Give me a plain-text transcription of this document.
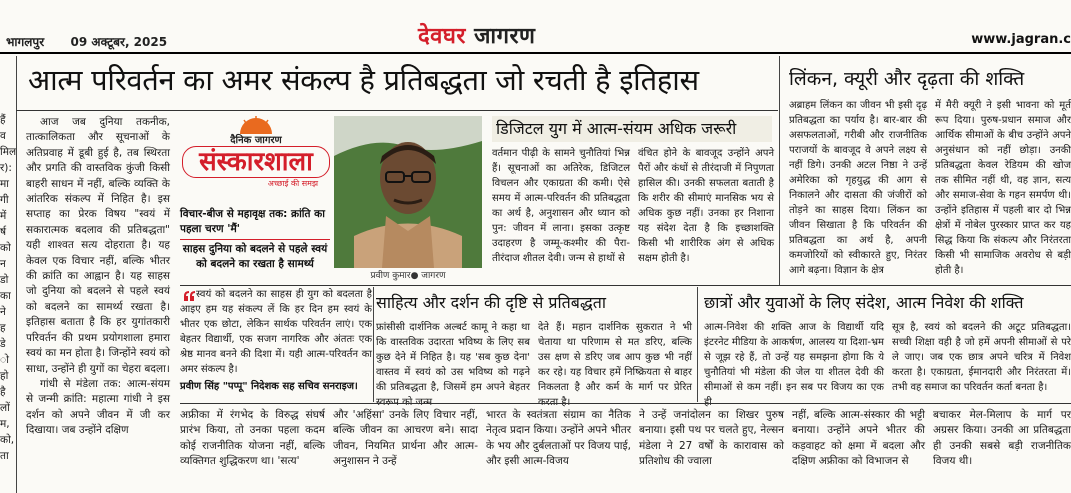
भागलपुर 09 अक्टूबर, 2025	देवघर जागरण	www.jagran.c
हैं
व
मिल
र):
मा
गी
में
र्ष
को
न
डो
का
ने
ह
डे
ो
हो
है
लों
म,
को,
ता
आत्म परिवर्तन का अमर संकल्प है प्रतिबद्धता जो रचती है इतिहास
आज जब दुनिया तकनीक, तात्कालिकता और सूचनाओं के अतिप्रवाह में डूबी हुई है, तब स्थिरता और प्रगति की वास्तविक कुंजी किसी बाहरी साधन में नहीं, बल्कि व्यक्ति के आंतरिक संकल्प में निहित है। इस सप्ताह का प्रेरक विषय "स्वयं में सकारात्मक बदलाव की प्रतिबद्धता" यही शाश्वत सत्य दोहराता है। यह केवल एक विचार नहीं, बल्कि भीतर की क्रांति का आह्वान है। यह साहस जो दुनिया को बदलने से पहले स्वयं को बदलने का सामर्थ्य रखता है। इतिहास बताता है कि हर युगांतकारी परिवर्तन की प्रथम प्रयोगशाला हमारा स्वयं का मन होता है। जिन्होंने स्वयं को साधा, उन्होंने ही युगों का चेहरा बदला।
गांधी से मंडेला तक: आत्म-संयम से जन्मी क्रांति: महात्मा गांधी ने इस दर्शन को अपने जीवन में जी कर दिखाया। जब उन्होंने दक्षिण
दैनिक जागरण
संस्कारशाला
अच्छाई की समझ
विचार-बीज से महावृक्ष तक: क्रांति का पहला चरण 'मैं'
साहस दुनिया को बदलने से पहले स्वयं को बदलने का रखता है सामर्थ्य
प्रवीण कुमार● जागरण
स्वयं को बदलने का साहस ही युग को बदलता है आइए हम यह संकल्प लें कि हर दिन हम स्वयं के भीतर एक छोटा, लेकिन सार्थक परिवर्तन लाएं। एक बेहतर विद्यार्थी, एक सजग नागरिक और अंततः एक श्रेष्ठ मानव बनने की दिशा में। यही आत्म-परिवर्तन का अमर संकल्प है।
प्रवीण सिंह "पप्पू" निदेशक सह सचिव सनराइज।
डिजिटल युग में आत्म-संयम अधिक जरूरी
वर्तमान पीढ़ी के सामने चुनौतियां भिन्न हैं। सूचनाओं का अतिरेक, डिजिटल विचलन और एकाग्रता की कमी। ऐसे समय में आत्म-परिवर्तन की प्रतिबद्धता का अर्थ है, अनुशासन और ध्यान को पुन: जीवन में लाना। इसका उत्कृष्ट उदाहरण है जम्मू-कश्मीर की पैरा-तीरंदाज शीतल देवी। जन्म से हाथों से
वंचित होने के बावजूद उन्होंने अपने पैरों और कंधों से तीरंदाजी में निपुणता हासिल की। उनकी सफलता बताती है कि शरीर की सीमाएं मानसिक भय से अधिक कुछ नहीं। उनका हर निशाना यह संदेश देता है कि इच्छाशक्ति किसी भी शारीरिक अंग से अधिक सक्षम होती है।
लिंकन, क्यूरी और दृढ़ता की शक्ति
अब्राहम लिंकन का जीवन भी इसी दृढ़ प्रतिबद्धता का पर्याय है। बार-बार की असफलताओं, गरीबी और राजनीतिक पराजयों के बावजूद वे अपने लक्ष्य से नहीं डिगे। उनकी अटल निष्ठा ने उन्हें अमेरिका को गृहयुद्ध की आग से निकालने और दासता की जंजीरों को तोड़ने का साहस दिया। लिंकन का जीवन सिखाता है कि परिवर्तन की प्रतिबद्धता का अर्थ है, अपनी कमजोरियों को स्वीकारते हुए, निरंतर आगे बढ़ना। विज्ञान के क्षेत्र
में मैरी क्यूरी ने इसी भावना को मूर्त रूप दिया। पुरुष-प्रधान समाज और आर्थिक सीमाओं के बीच उन्होंने अपने अनुसंधान को नहीं छोड़ा। उनकी प्रतिबद्धता केवल रेडियम की खोज तक सीमित नहीं थी, वह ज्ञान, सत्य और समाज-सेवा के गहन समर्पण थी। उन्होंने इतिहास में पहली बार दो भिन्न क्षेत्रों में नोबेल पुरस्कार प्राप्त कर यह सिद्ध किया कि संकल्प और निरंतरता किसी भी सामाजिक अवरोध से बड़ी होती है।
साहित्य और दर्शन की दृष्टि से प्रतिबद्धता
फ्रांसीसी दार्शनिक अल्बर्ट कामू ने कहा था कि वास्तविक उदारता भविष्य के लिए सब कुछ देने में निहित है। यह 'सब कुछ देना' वास्तव में स्वयं को उस भविष्य को गढ़ने की प्रतिबद्धता है, जिसमें हम अपने बेहतर
देते हैं। महान दार्शनिक सुकरात ने भी चेताया था परिणाम से मत डरिए, बल्कि उस क्षण से डरिए जब आप कुछ भी नहीं कर रहे। यह विचार हमें निष्क्रियता से बाहर निकलता है और कर्म के मार्ग पर प्रेरित
छात्रों और युवाओं के लिए संदेश, आत्म निवेश की शक्ति
आत्म-निवेश की शक्ति आज के विद्यार्थी यदि इंटरनेट मीडिया के आकर्षण, आलस्य या दिशा-भ्रम से जूझ रहे हैं, तो उन्हें यह समझना होगा कि ये चुनौतियां भी मंडेला की जेल या शीतल देवी की सीमाओं से कम नहीं। इन सब पर विजय का एक
सूत्र है, स्वयं को बदलने की अटूट प्रतिबद्धता। सच्ची शिक्षा वही है जो हमें अपनी सीमाओं से परे ले जाए। जब एक छात्र अपने चरित्र में निवेश करता है। एकाग्रता, ईमानदारी और निरंतरता में। तभी वह समाज का परिवर्तन कर्ता बनता है।
अफ्रीका में रंगभेद के विरुद्ध संघर्ष प्रारंभ किया, तो उनका पहला कदम कोई राजनीतिक योजना नहीं, बल्कि व्यक्तिगत शुद्धिकरण था। 'सत्य'
और 'अहिंसा' उनके लिए विचार नहीं, बल्कि जीवन का आचरण बने। सादा जीवन, नियमित प्रार्थना और आत्म-अनुशासन ने उन्हें
भारत के स्वतंत्रता संग्राम का नैतिक नेतृत्व प्रदान किया। उन्होंने अपने भीतर के भय और दुर्बलताओं पर विजय पाई, और इसी आत्म-विजय
ने उन्हें जनांदोलन का शिखर पुरुष बनाया। इसी पथ पर चलते हुए, नेल्सन मंडेला ने 27 वर्षों के कारावास को प्रतिशोध की ज्वाला
नहीं, बल्कि आत्म-संस्कार की भट्टी बनाया। उन्होंने अपने भीतर की कड़वाहट को क्षमा में बदला और दक्षिण अफ्रीका को विभाजन से
बचाकर मेल-मिलाप के मार्ग पर अग्रसर किया। उनकी आ प्रतिबद्धता ही उनकी सबसे बड़ी राजनीतिक विजय थी।
